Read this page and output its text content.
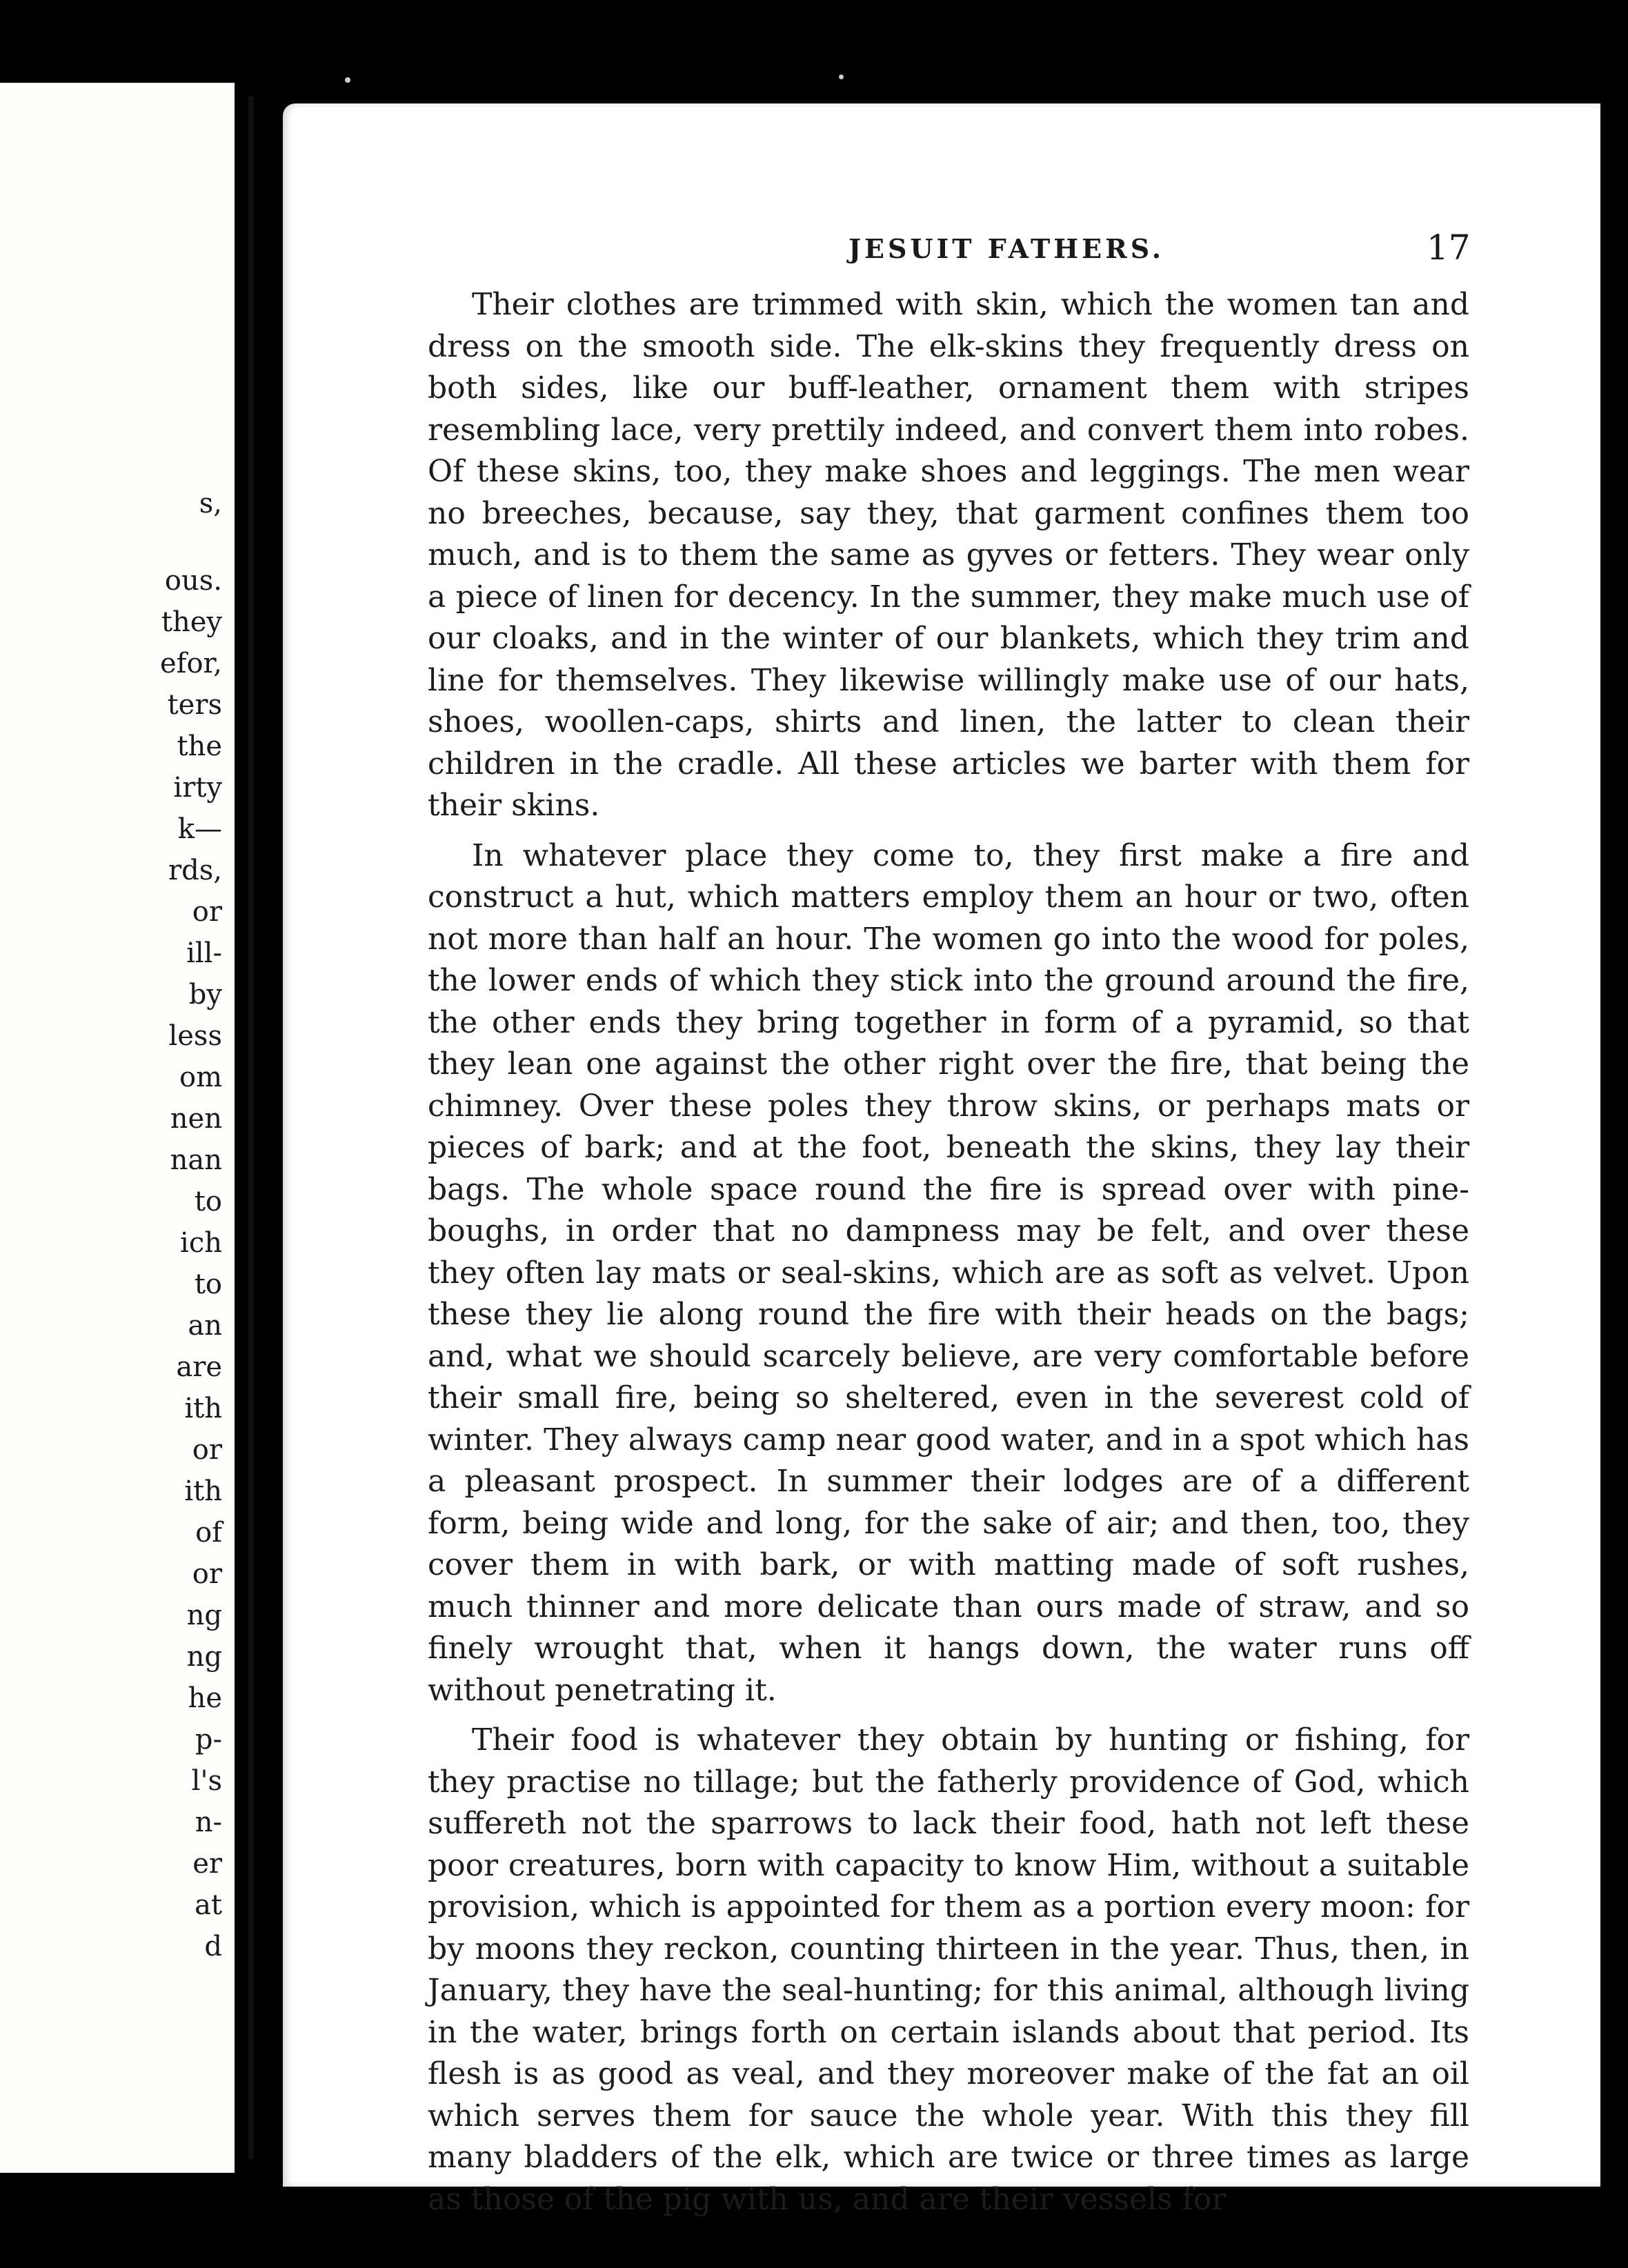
s,
ous.
they
efor,
ters
the
irty
k—
rds,
or
ill-
by
less
om
nen
nan
to
ich
to
an
are
ith
or
ith
of
or
ng
ng
he
p-
l's
n-
er
at
d
JESUIT FATHERS.	17

Their clothes are trimmed with skin, which the women tan and dress on the smooth side. The elk-skins they frequently dress on both sides, like our buff-leather, ornament them with stripes resembling lace, very prettily indeed, and convert them into robes. Of these skins, too, they make shoes and leggings. The men wear no breeches, because, say they, that garment confines them too much, and is to them the same as gyves or fetters. They wear only a piece of linen for decency. In the summer, they make much use of our cloaks, and in the winter of our blankets, which they trim and line for themselves. They likewise willingly make use of our hats, shoes, woollen-caps, shirts and linen, the latter to clean their children in the cradle. All these articles we barter with them for their skins.

In whatever place they come to, they first make a fire and construct a hut, which matters employ them an hour or two, often not more than half an hour. The women go into the wood for poles, the lower ends of which they stick into the ground around the fire, the other ends they bring together in form of a pyramid, so that they lean one against the other right over the fire, that being the chimney. Over these poles they throw skins, or perhaps mats or pieces of bark; and at the foot, beneath the skins, they lay their bags. The whole space round the fire is spread over with pine-boughs, in order that no dampness may be felt, and over these they often lay mats or seal-skins, which are as soft as velvet. Upon these they lie along round the fire with their heads on the bags; and, what we should scarcely believe, are very comfortable before their small fire, being so sheltered, even in the severest cold of winter. They always camp near good water, and in a spot which has a pleasant prospect. In summer their lodges are of a different form, being wide and long, for the sake of air; and then, too, they cover them in with bark, or with matting made of soft rushes, much thinner and more delicate than ours made of straw, and so finely wrought that, when it hangs down, the water runs off without penetrating it.

Their food is whatever they obtain by hunting or fishing, for they practise no tillage; but the fatherly providence of God, which suffereth not the sparrows to lack their food, hath not left these poor creatures, born with capacity to know Him, without a suitable provision, which is appointed for them as a portion every moon: for by moons they reckon, counting thirteen in the year. Thus, then, in January, they have the seal-hunting; for this animal, although living in the water, brings forth on certain islands about that period. Its flesh is as good as veal, and they moreover make of the fat an oil which serves them for sauce the whole year. With this they fill many bladders of the elk, which are twice or three times as large as those of the pig with us, and are their vessels for
